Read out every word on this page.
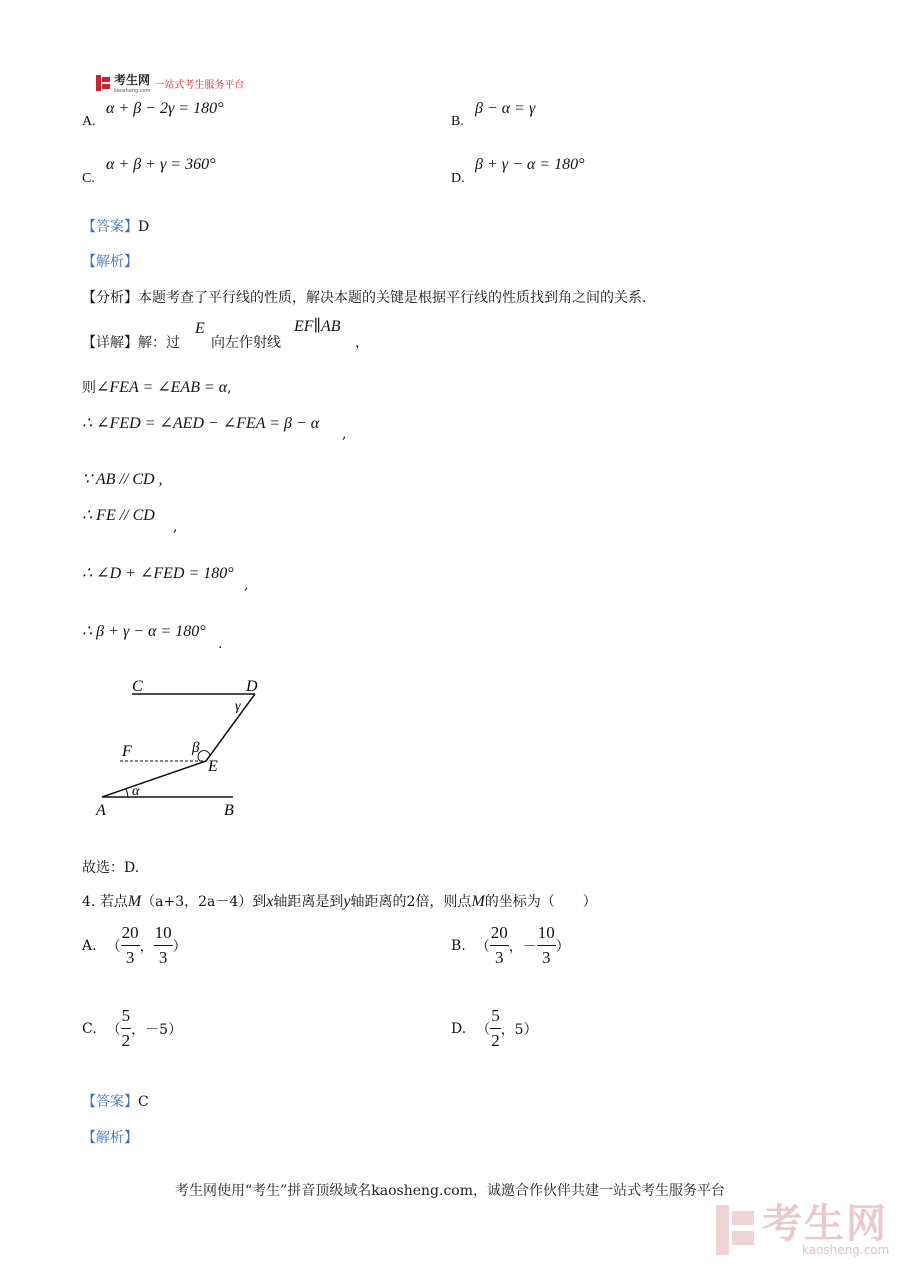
考生网
kaosheng.com
一站式考生服务平台
A.
α + β − 2γ = 180°
B.
β − α = γ
C.
α + β + γ = 360°
D.
β + γ − α = 180°
【答案】D
【解析】
【分析】本题考查了平行线的性质，解决本题的关键是根据平行线的性质找到角之间的关系.
【详解】解：过
E
向左作射线
EF∥AB
，
则∠FEA = ∠EAB = α,
∴ ∠FED = ∠AED − ∠FEA = β − α
,
∵ AB // CD ,
∴ FE // CD
,
∴ ∠D + ∠FED = 180°
,
∴ β + γ − α = 180°
.
C	D
γ
F	β
E
α
A	B
故选：D.
4. 若点M（a+3，2a－4）到x轴距离是到y轴距离的2倍，则点M的坐标为（　　）
A. （ $\frac{20}{3}$ ， $\frac{10}{3}$ ）	B. （ $\frac{20}{3}$ ， － $\frac{10}{3}$ ）
C. （ $\frac{5}{2}$ ，－5）	D. （ $\frac{5}{2}$ ，5）
【答案】C
【解析】
考生网使用“考生”拼音顶级域名kaosheng.com，诚邀合作伙伴共建一站式考生服务平台
考生网
kaosheng.com
